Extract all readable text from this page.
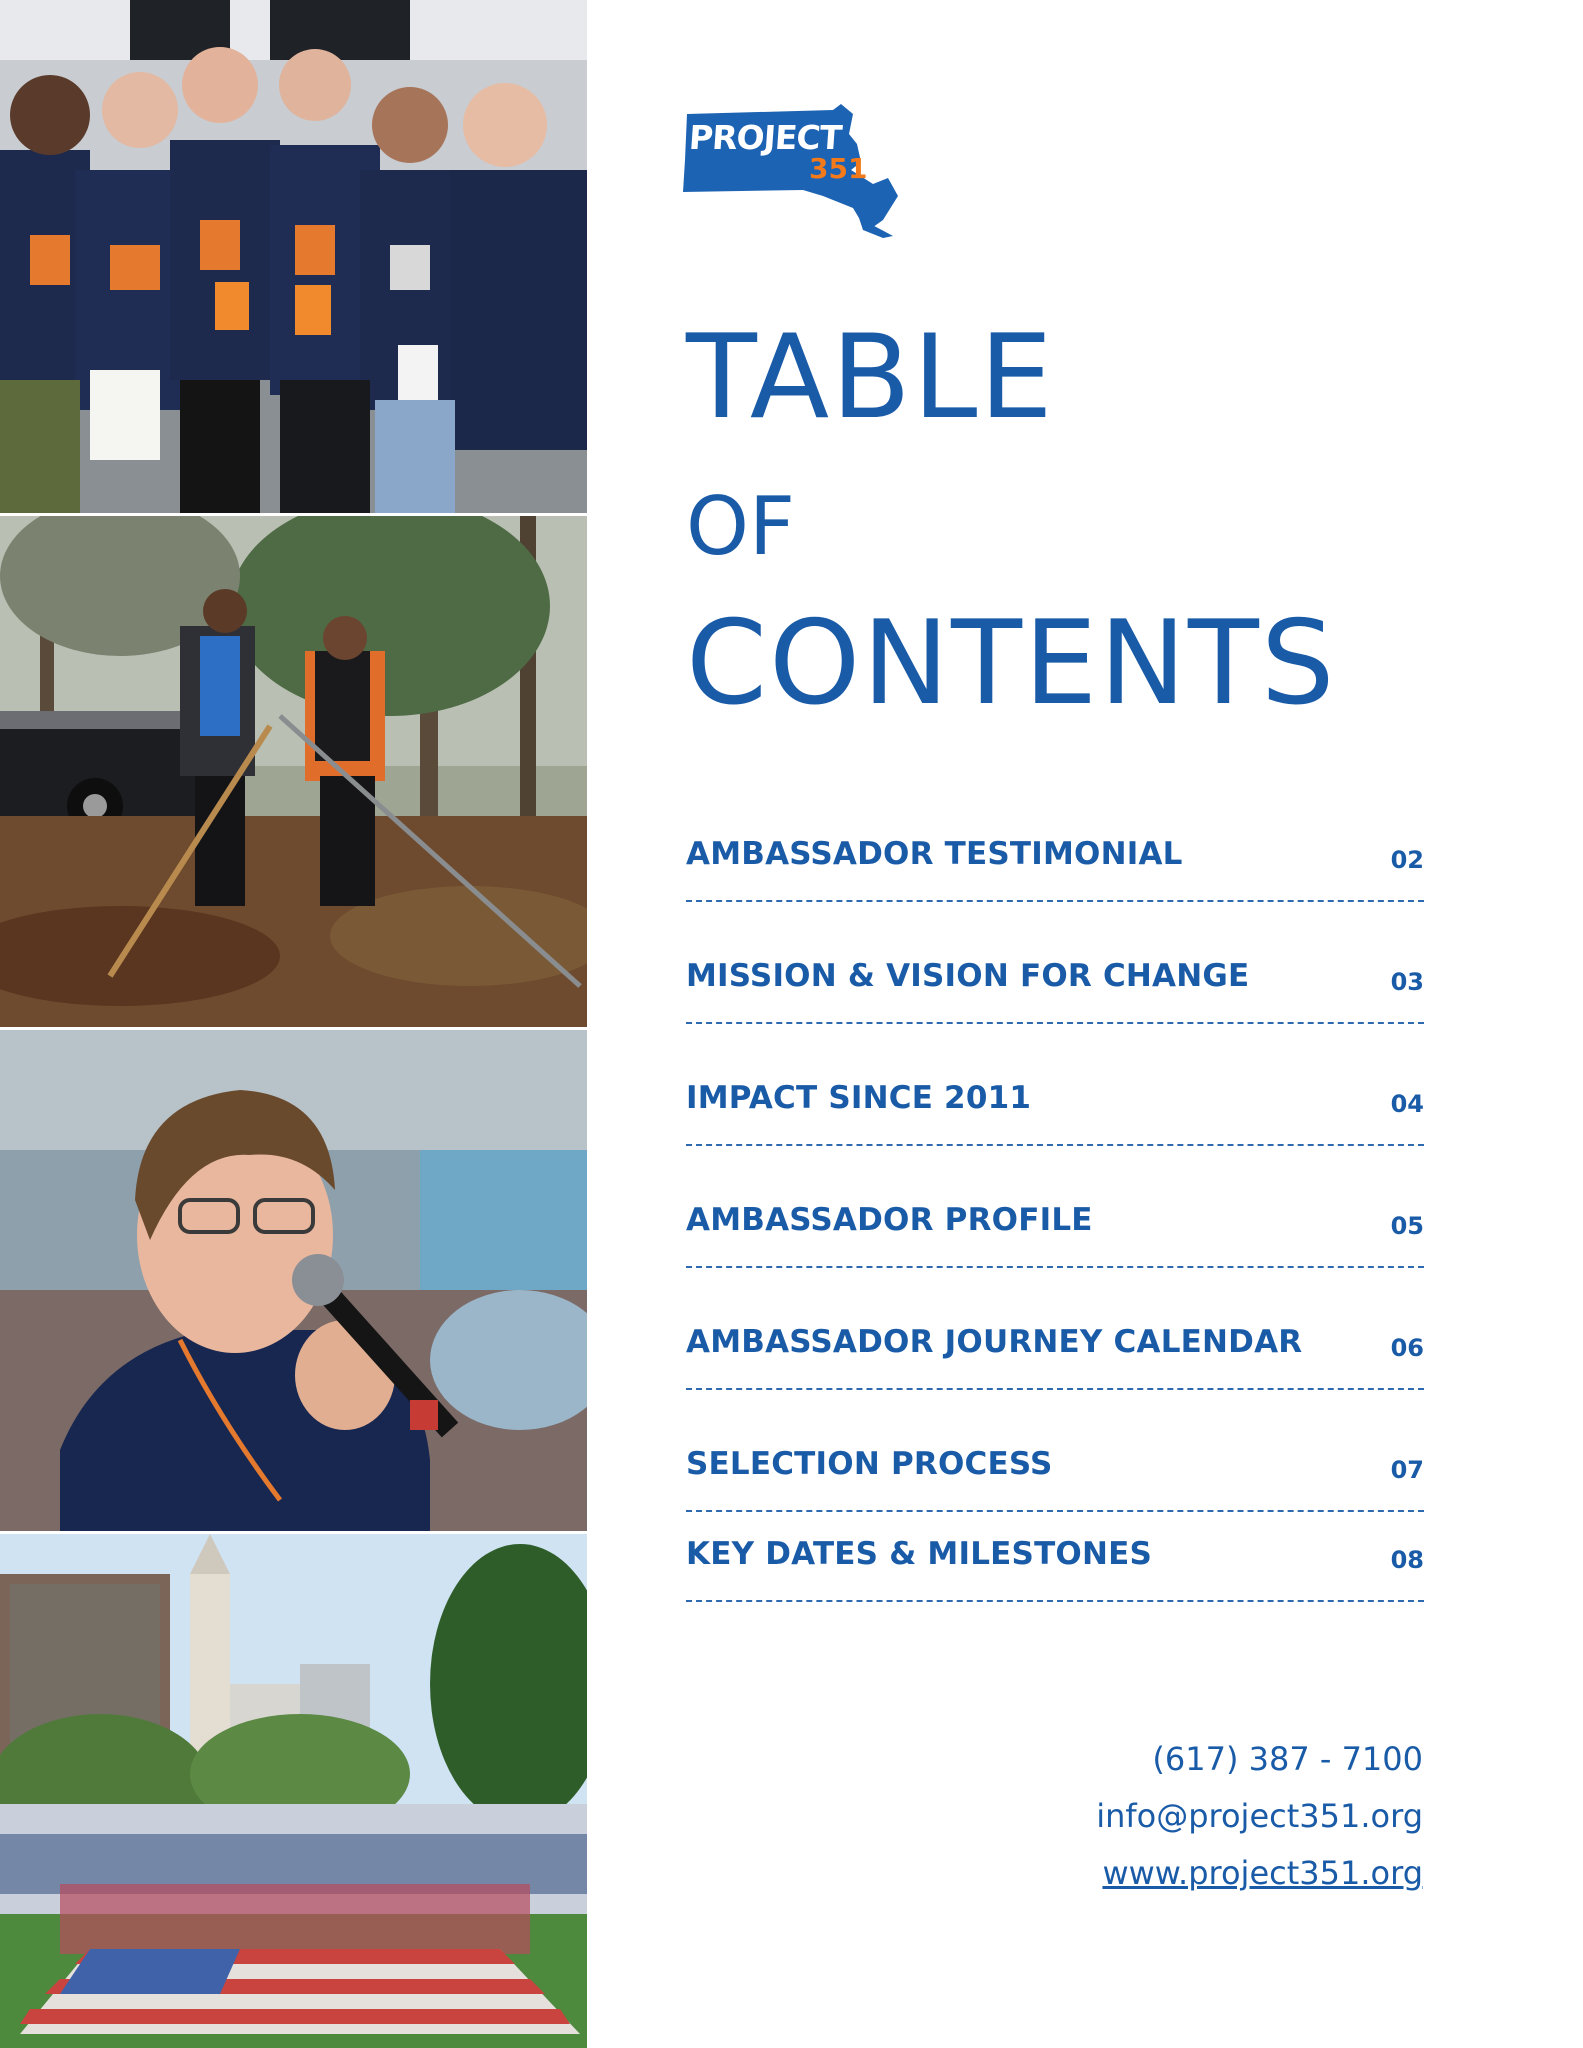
PROJECT
351
TABLE
OF
CONTENTS
AMBASSADOR TESTIMONIAL	02
MISSION & VISION FOR CHANGE	03
IMPACT SINCE 2011	04
AMBASSADOR PROFILE	05
AMBASSADOR JOURNEY CALENDAR	06
SELECTION PROCESS	07
KEY DATES & MILESTONES	08
(617) 387 - 7100
info@project351.org
www.project351.org
